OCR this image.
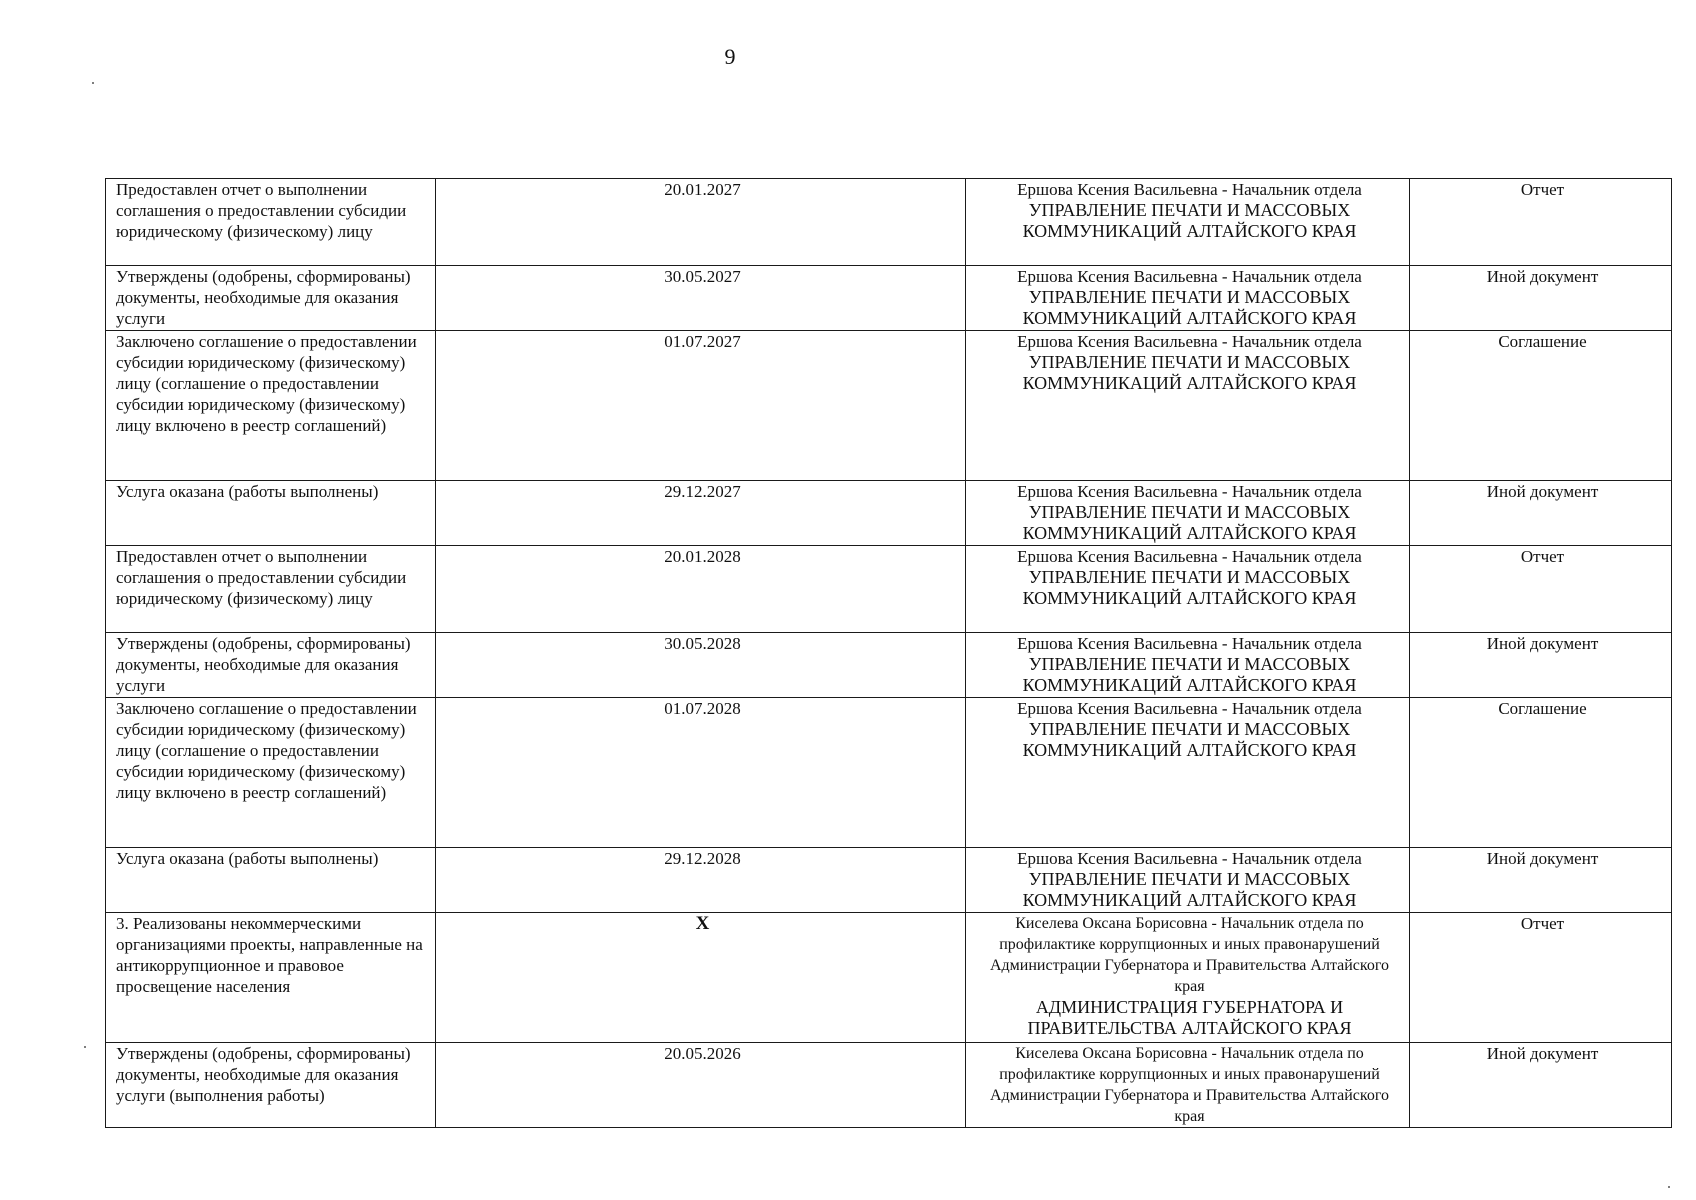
9
Предоставлен отчет о выполнении соглашения о предоставлении субсидии юридическому (физическому) лицу	20.01.2027	Ершова Ксения Васильевна - Начальник отдела
УПРАВЛЕНИЕ ПЕЧАТИ И МАССОВЫХ КОММУНИКАЦИЙ АЛТАЙСКОГО КРАЯ	Отчет
Утверждены (одобрены, сформированы) документы, необходимые для оказания услуги	30.05.2027	Ершова Ксения Васильевна - Начальник отдела
УПРАВЛЕНИЕ ПЕЧАТИ И МАССОВЫХ КОММУНИКАЦИЙ АЛТАЙСКОГО КРАЯ	Иной документ
Заключено соглашение о предоставлении субсидии юридическому (физическому) лицу (соглашение о предоставлении субсидии юридическому (физическому) лицу включено в реестр соглашений)	01.07.2027	Ершова Ксения Васильевна - Начальник отдела
УПРАВЛЕНИЕ ПЕЧАТИ И МАССОВЫХ КОММУНИКАЦИЙ АЛТАЙСКОГО КРАЯ	Соглашение
Услуга оказана (работы выполнены)	29.12.2027	Ершова Ксения Васильевна - Начальник отдела
УПРАВЛЕНИЕ ПЕЧАТИ И МАССОВЫХ КОММУНИКАЦИЙ АЛТАЙСКОГО КРАЯ	Иной документ
Предоставлен отчет о выполнении соглашения о предоставлении субсидии юридическому (физическому) лицу	20.01.2028	Ершова Ксения Васильевна - Начальник отдела
УПРАВЛЕНИЕ ПЕЧАТИ И МАССОВЫХ КОММУНИКАЦИЙ АЛТАЙСКОГО КРАЯ	Отчет
Утверждены (одобрены, сформированы) документы, необходимые для оказания услуги	30.05.2028	Ершова Ксения Васильевна - Начальник отдела
УПРАВЛЕНИЕ ПЕЧАТИ И МАССОВЫХ КОММУНИКАЦИЙ АЛТАЙСКОГО КРАЯ	Иной документ
Заключено соглашение о предоставлении субсидии юридическому (физическому) лицу (соглашение о предоставлении субсидии юридическому (физическому) лицу включено в реестр соглашений)	01.07.2028	Ершова Ксения Васильевна - Начальник отдела
УПРАВЛЕНИЕ ПЕЧАТИ И МАССОВЫХ КОММУНИКАЦИЙ АЛТАЙСКОГО КРАЯ	Соглашение
Услуга оказана (работы выполнены)	29.12.2028	Ершова Ксения Васильевна - Начальник отдела
УПРАВЛЕНИЕ ПЕЧАТИ И МАССОВЫХ КОММУНИКАЦИЙ АЛТАЙСКОГО КРАЯ	Иной документ
3. Реализованы некоммерческими организациями проекты, направленные на антикоррупционное и правовое просвещение населения	X	Киселева Оксана Борисовна - Начальник отдела по профилактике коррупционных и иных правонарушений Администрации Губернатора и Правительства Алтайского края
АДМИНИСТРАЦИЯ ГУБЕРНАТОРА И ПРАВИТЕЛЬСТВА АЛТАЙСКОГО КРАЯ	Отчет
Утверждены (одобрены, сформированы) документы, необходимые для оказания услуги (выполнения работы)	20.05.2026	Киселева Оксана Борисовна - Начальник отдела по профилактике коррупционных и иных правонарушений Администрации Губернатора и Правительства Алтайского края	Иной документ
